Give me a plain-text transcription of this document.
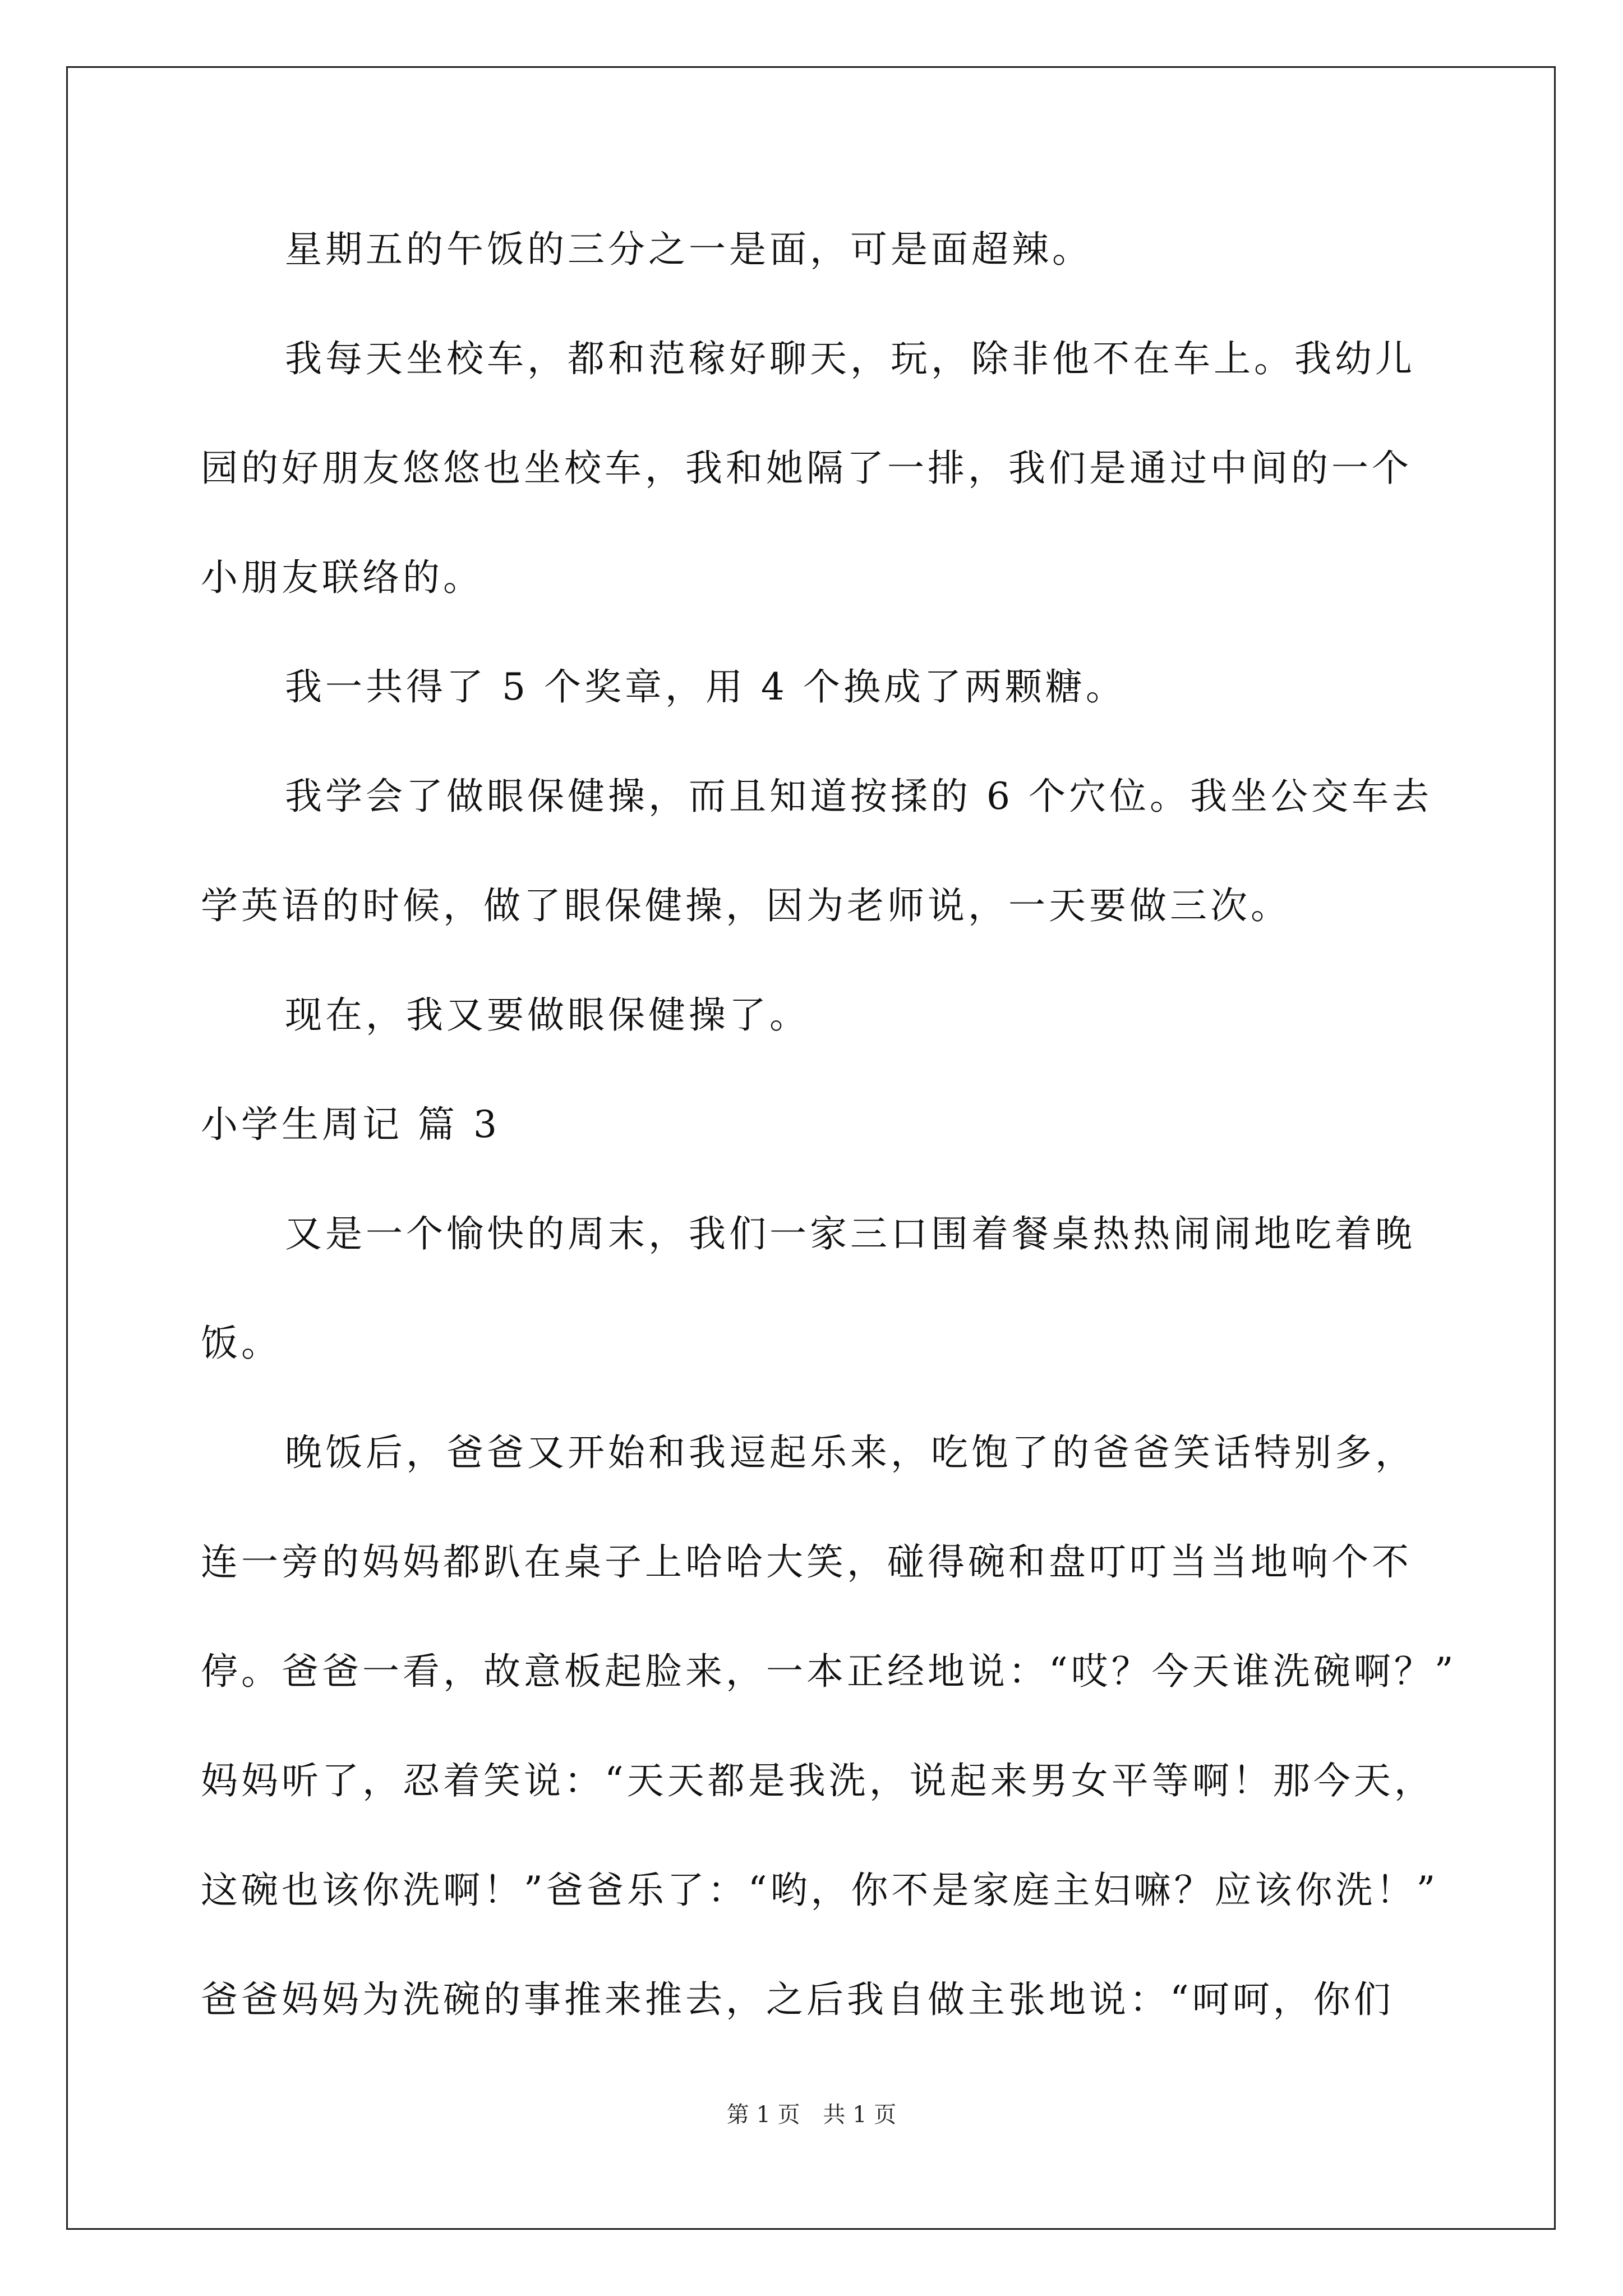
星期五的午饭的三分之一是面，可是面超辣。
我每天坐校车，都和范稼好聊天，玩，除非他不在车上。我幼儿
园的好朋友悠悠也坐校车，我和她隔了一排，我们是通过中间的一个
小朋友联络的。
我一共得了 5 个奖章，用 4 个换成了两颗糖。
我学会了做眼保健操，而且知道按揉的 6 个穴位。我坐公交车去
学英语的时候，做了眼保健操，因为老师说，一天要做三次。
现在，我又要做眼保健操了。
小学生周记 篇 3
又是一个愉快的周末，我们一家三口围着餐桌热热闹闹地吃着晚
饭。
晚饭后，爸爸又开始和我逗起乐来，吃饱了的爸爸笑话特别多，
连一旁的妈妈都趴在桌子上哈哈大笑，碰得碗和盘叮叮当当地响个不
停。爸爸一看，故意板起脸来，一本正经地说：“哎？今天谁洗碗啊？”
妈妈听了，忍着笑说：“天天都是我洗，说起来男女平等啊！那今天，
这碗也该你洗啊！”爸爸乐了：“哟，你不是家庭主妇嘛？应该你洗！”
爸爸妈妈为洗碗的事推来推去，之后我自做主张地说：“呵呵，你们
第 1 页 共 1 页
